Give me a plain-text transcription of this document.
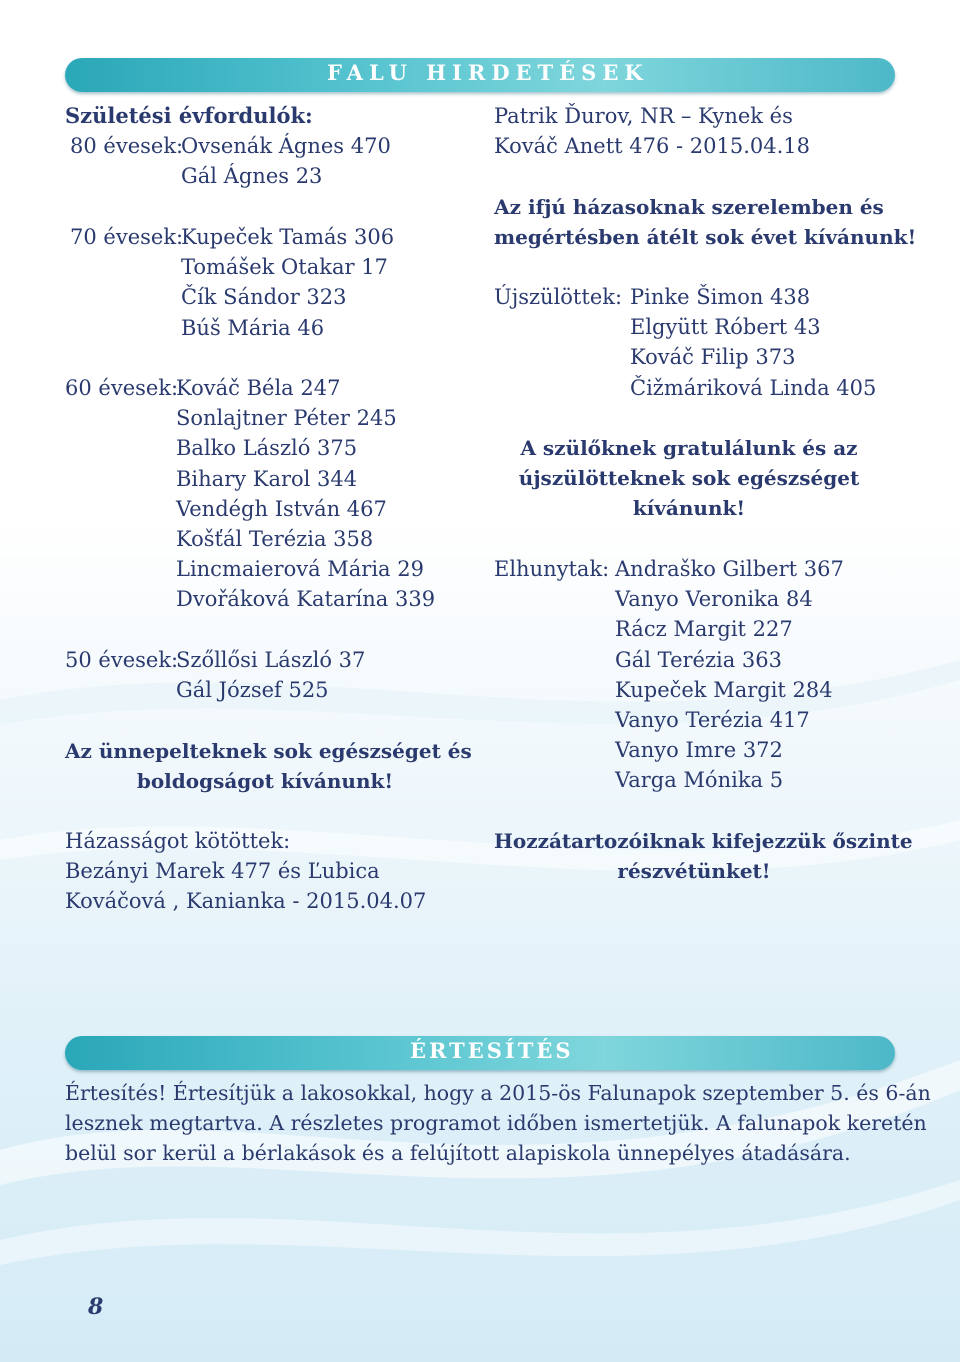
FALU HIRDETÉSEK
Születési évfordulók:
80 évesek:
Ovsenák Ágnes 470
Gál Ágnes 23
70 évesek:
Kupeček Tamás 306
Tomášek Otakar 17
Čík Sándor 323
Búš Mária 46
60 évesek:
Kováč Béla 247
Sonlajtner Péter 245
Balko László 375
Bihary Karol 344
Vendégh István 467
Košťál Terézia 358
Lincmaierová Mária 29
Dvořáková Katarína 339
50 évesek:
Szőllősi László 37
Gál József 525
Az ünnepelteknek sok egészséget és
boldogságot kívánunk!
Házasságot kötöttek:
Bezányi Marek 477 és Ľubica
Kováčová , Kanianka - 2015.04.07
Patrik Ďurov, NR – Kynek és
Kováč Anett 476 - 2015.04.18
Az ifjú házasoknak szerelemben és
megértésben átélt sok évet kívánunk!
Újszülöttek: Pinke Šimon 438
Elgyütt Róbert 43
Kováč Filip 373
Čižmáriková Linda 405
A szülőknek gratulálunk és az
újszülötteknek sok egészséget
kívánunk!
Elhunytak: Andraško Gilbert 367
Vanyo Veronika 84
Rácz Margit 227
Gál Terézia 363
Kupeček Margit 284
Vanyo Terézia 417
Vanyo Imre 372
Varga Mónika 5
Hozzátartozóiknak kifejezzük őszinte
részvétünket!
ÉRTESÍTÉS
Értesítés! Értesítjük a lakosokkal, hogy a 2015-ös Falunapok szeptember 5. és 6-án
lesznek megtartva. A részletes programot időben ismertetjük. A falunapok keretén
belül sor kerül a bérlakások és a felújított alapiskola ünnepélyes átadására.
8
